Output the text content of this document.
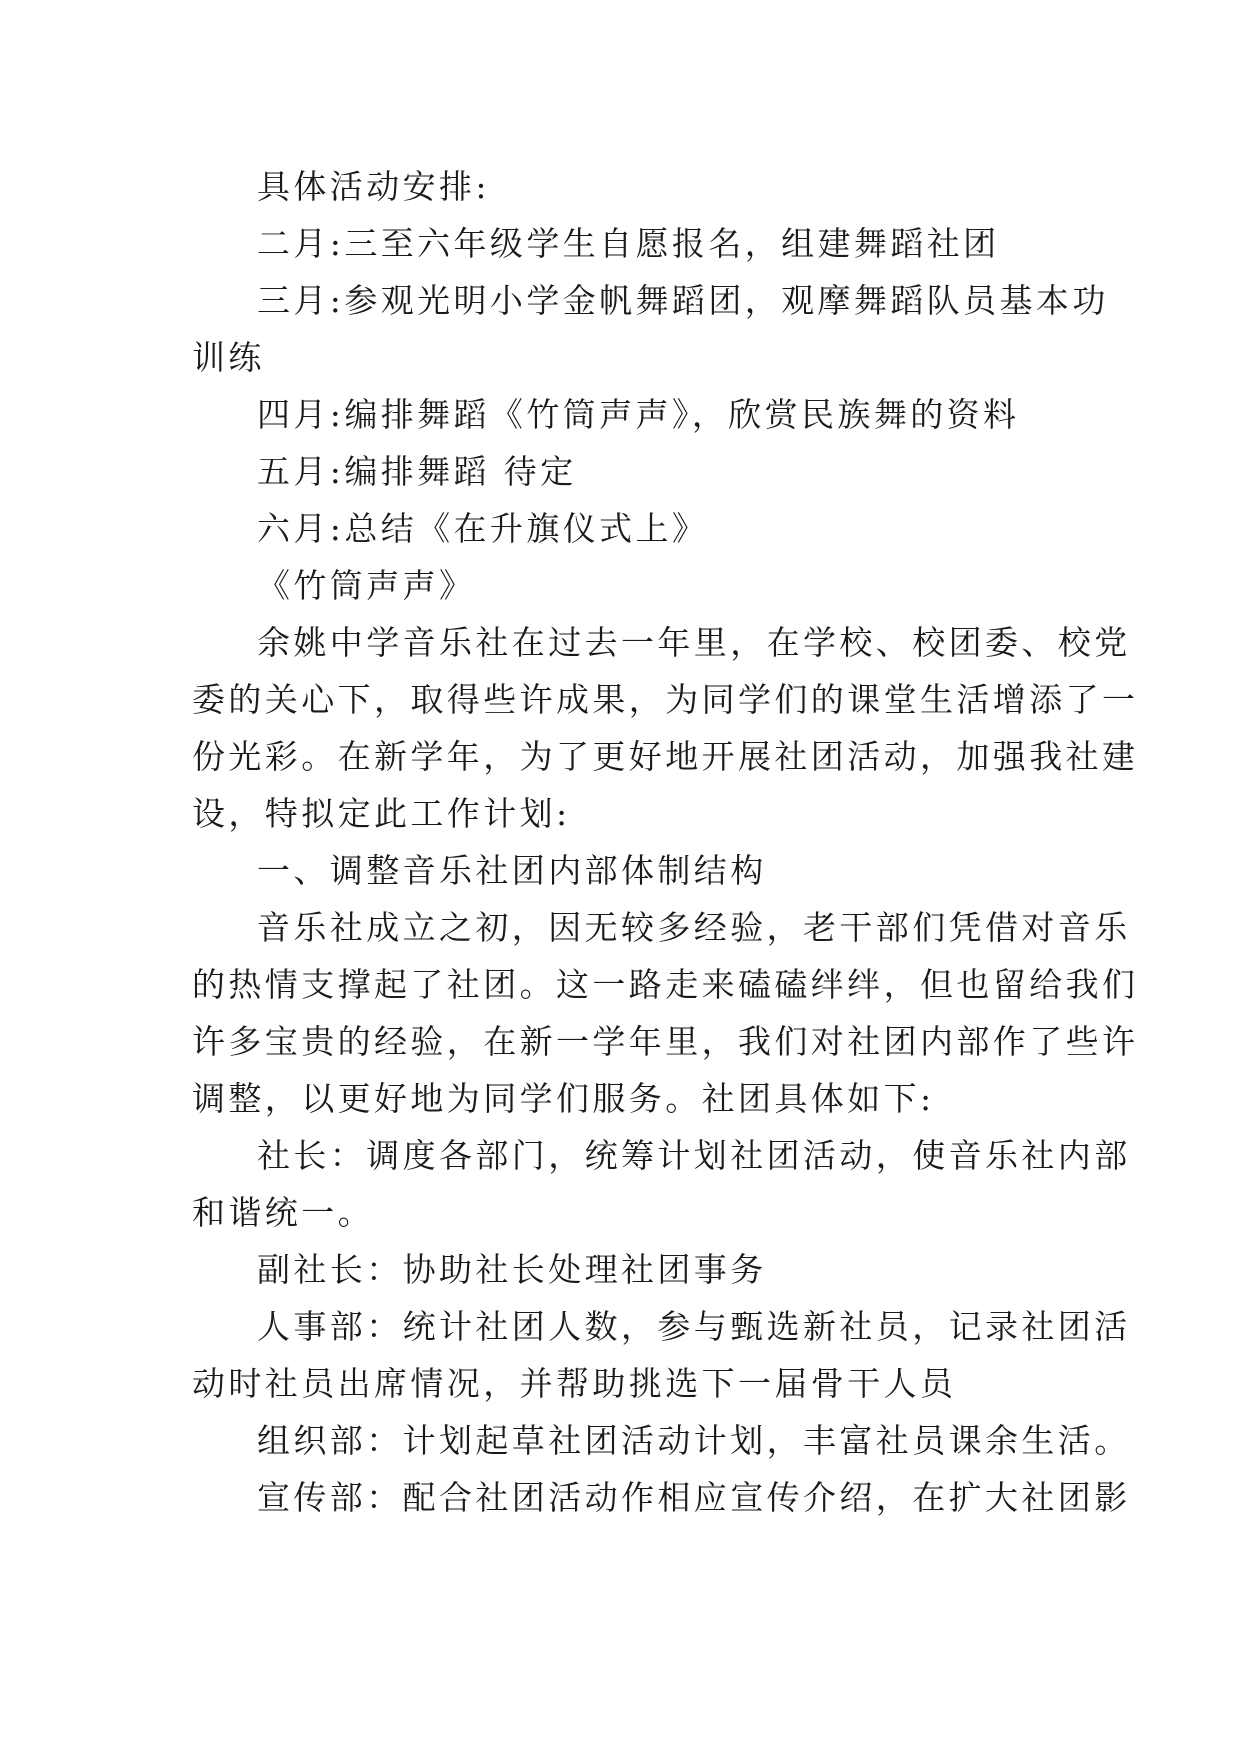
具体活动安排:

二月:三至六年级学生自愿报名，组建舞蹈社团

三月:参观光明小学金帆舞蹈团，观摩舞蹈队员基本功

训练

四月:编排舞蹈《竹筒声声》，欣赏民族舞的资料

五月:编排舞蹈 待定

六月:总结《在升旗仪式上》

《竹筒声声》

余姚中学音乐社在过去一年里，在学校、校团委、校党

委的关心下，取得些许成果，为同学们的课堂生活增添了一

份光彩。在新学年，为了更好地开展社团活动，加强我社建

设，特拟定此工作计划:

一、调整音乐社团内部体制结构

音乐社成立之初，因无较多经验，老干部们凭借对音乐

的热情支撑起了社团。这一路走来磕磕绊绊，但也留给我们

许多宝贵的经验，在新一学年里，我们对社团内部作了些许

调整，以更好地为同学们服务。社团具体如下:

社长：调度各部门，统筹计划社团活动，使音乐社内部

和谐统一。

副社长：协助社长处理社团事务

人事部：统计社团人数，参与甄选新社员，记录社团活

动时社员出席情况，并帮助挑选下一届骨干人员

组织部：计划起草社团活动计划，丰富社员课余生活。

宣传部：配合社团活动作相应宣传介绍，在扩大社团影
